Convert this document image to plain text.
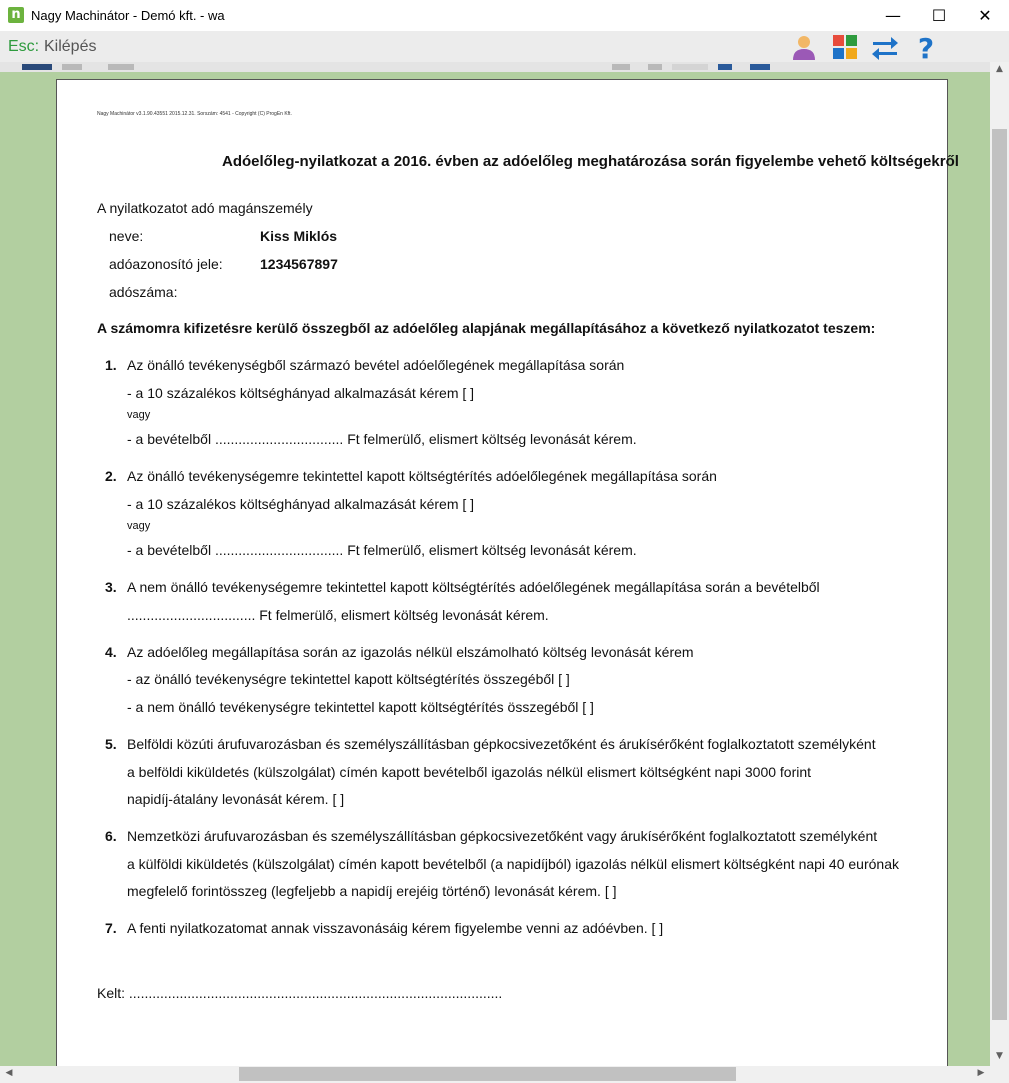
n Nagy Machinátor - Demó kft. - wa	—	☐	✕
Esc: Kilépés	?
▲
▼
◀	▶
Nagy Machinátor v3.1.90.43551 2015.12.31. Sorszám: 4541 - Copyright (C) ProgEn Kft.
Adóelőleg-nyilatkozat a 2016. évben az adóelőleg meghatározása során figyelembe vehető költségekről
A nyilatkozatot adó magánszemély
neve:	Kiss Miklós
adóazonosító jele:	1234567897
adószáma:
A számomra kifizetésre kerülő összegből az adóelőleg alapjának megállapításához a következő nyilatkozatot teszem:
1. Az önálló tevékenységből származó bevétel adóelőlegének megállapítása során
- a 10 százalékos költséghányad alkalmazását kérem [ ]
vagy
- a bevételből ................................. Ft felmerülő, elismert költség levonását kérem.
2. Az önálló tevékenységemre tekintettel kapott költségtérítés adóelőlegének megállapítása során
- a 10 százalékos költséghányad alkalmazását kérem [ ]
vagy
- a bevételből ................................. Ft felmerülő, elismert költség levonását kérem.
3. A nem önálló tevékenységemre tekintettel kapott költségtérítés adóelőlegének megállapítása során a bevételből
................................. Ft felmerülő, elismert költség levonását kérem.
4. Az adóelőleg megállapítása során az igazolás nélkül elszámolható költség levonását kérem
- az önálló tevékenységre tekintettel kapott költségtérítés összegéből [ ]
- a nem önálló tevékenységre tekintettel kapott költségtérítés összegéből [ ]
5. Belföldi közúti árufuvarozásban és személyszállításban gépkocsivezetőként és árukísérőként foglalkoztatott személyként
a belföldi kiküldetés (külszolgálat) címén kapott bevételből igazolás nélkül elismert költségként napi 3000 forint
napidíj-átalány levonását kérem. [ ]
6. Nemzetközi árufuvarozásban és személyszállításban gépkocsivezetőként vagy árukísérőként foglalkoztatott személyként
a külföldi kiküldetés (külszolgálat) címén kapott bevételből (a napidíjból) igazolás nélkül elismert költségként napi 40 eurónak
megfelelő forintösszeg (legfeljebb a napidíj erejéig történő) levonását kérem. [ ]
7. A fenti nyilatkozatomat annak visszavonásáig kérem figyelembe venni az adóévben. [ ]
Kelt: ................................................................................................
